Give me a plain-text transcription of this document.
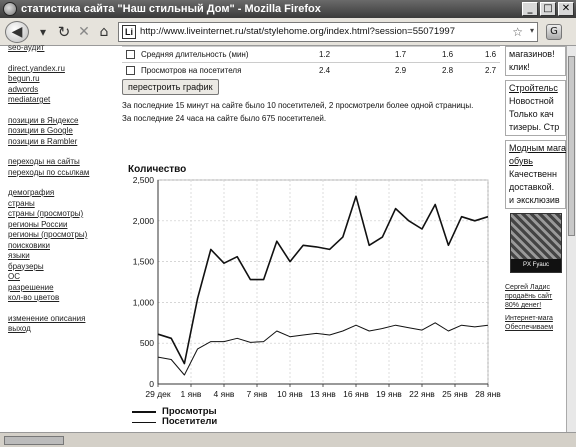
статистика сайта "Наш стильный Дом" - Mozilla Firefox	_	□ ✕
◀	▾ ↻ ✕ ⌂	Li http://www.liveinternet.ru/stat/stylehome.org/index.html?session=55071997	☆ ▾	G
seo-аудит
direct.yandex.ru
begun.ru
adwords
mediatarget
позиции в Яндексе
позиции в Google
позиции в Rambler
переходы на сайты
переходы по ссылкам
демография
страны
страны (просмотры)
регионы России
регионы (просмотры)
поисковики
языки
браузеры
ОС
разрешение
кол-во цветов
изменение описания
выход
Средняя длительность (мин)	1.2	1.7	1.6	1.6
Просмотров на посетителя	2.4	2.9	2.8	2.7
перестроить график
За последние 15 минут на сайте было 10 посетителей, 2 просмотрели более одной страницы.
За последние 24 часа на сайте было 675 посетителей.
Количество
0
500
1,000
1,500
2,000
2,500
29 дек 1 янв 4 янв 7 янв 10 янв 13 янв 16 янв 19 янв 22 янв 25 янв 28 янв
Просмотры
Посетители
магазинов!
клик!
Стройтельс
Новостной
Только кач
тизеры. Стр
Модным мага
обувь
Качественн
доставкой.
и эксклюзив
PX Fyauc
Сергей Ладис
продаёнь сайт
80% денег!
Интернет-мага
Обеспечиваем
